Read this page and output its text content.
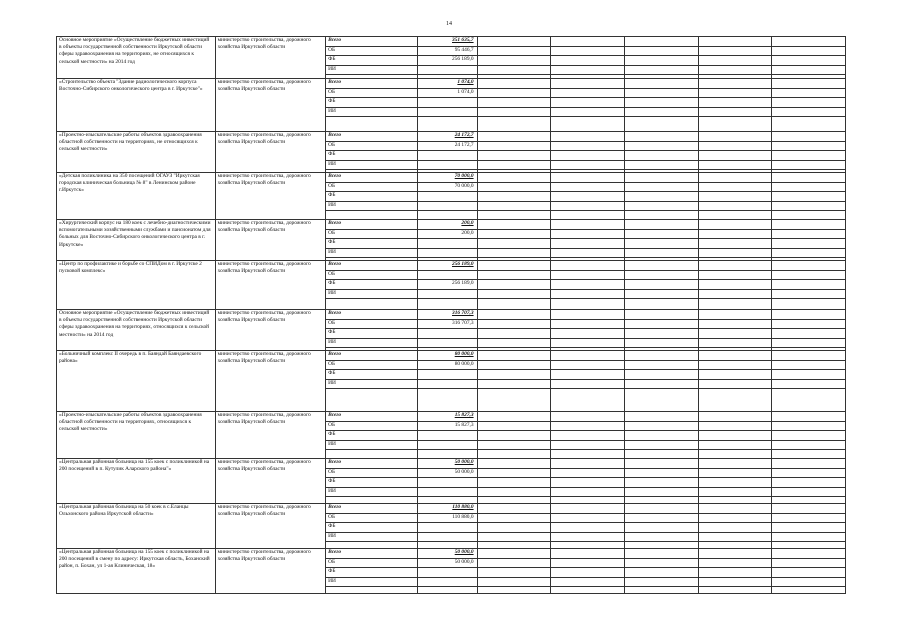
14
Основное мероприятие «Осуществление бюджетных инвестиций в объекты государственной собственности Иркутской области сферы здравоохранения на территориях, не относящихся к сельской местности» на 2014 год	министерство строительства, дорожного хозяйства Иркутской области	Всего	351 635,7					
		ОБ	95 446,7					
		ФБ	256 189,0					
		ИИ						

«Строительство объекта "Здание радиологического корпуса Восточно-Сибирского онкологического центра в г. Иркутске"»	министерство строительства, дорожного хозяйства Иркутской области	Всего	1 074,0					
		ОБ	1 074,0					
		ФБ						
		ИИ						

«Проектно-изыскательские работы объектов здравоохранения областной собственности на территориях, не относящихся к сельской местности»	министерство строительства, дорожного хозяйства Иркутской области	Всего	24 172,7					
		ОБ	24 172,7					
		ФБ						
		ИИ						

«Детская поликлиника на 350 посещений ОГАУЗ "Иркутская городская клиническая больница № 8" в Ленинском районе г.Иркутск»	министерство строительства, дорожного хозяйства Иркутской области	Всего	70 000,0					
		ОБ	70 000,0					
		ФБ						
		ИИ						

«Хирургический корпус на 180 коек с лечебно-диагностическими вспомогательными хозяйственными службами и пансионатом для больных для Восточно-Сибирского онкологического центра в г. Иркутске»	министерство строительства, дорожного хозяйства Иркутской области	Всего	200,0					
		ОБ	200,0					
		ФБ						
		ИИ						

«Центр по профилактике и борьбе со СПИДом в г. Иркутске 2 пусковой комплекс»	министерство строительства, дорожного хозяйства Иркутской области	Всего	256 189,0					
		ОБ						
		ФБ	256 189,0					
		ИИ						

Основное мероприятие «Осуществление бюджетных инвестиций в объекты государственной собственности Иркутской области сферы здравоохранения на территориях, относящихся к сельской местности» на 2014 год	министерство строительства, дорожного хозяйства Иркутской области	Всего	316 707,3					
		ОБ	316 707,3					
		ФБ						
		ИИ						

«Больничный комплекс II очередь в п. Баяндай Баяндаевского района»	министерство строительства, дорожного хозяйства Иркутской области	Всего	80 000,0					
		ОБ	80 000,0					
		ФБ						
		ИИ						

«Проектно-изыскательские работы объектов здравоохранения областной собственности на территориях, относящихся к сельской местности»	министерство строительства, дорожного хозяйства Иркутской области	Всего	15 827,3					
		ОБ	15 827,3					
		ФБ						
		ИИ						

«Центральная районная больница на 155 коек с поликлиникой на 200 посещений в п. Кутулик Аларского района"»	министерство строительства, дорожного хозяйства Иркутской области	Всего	50 000,0					
		ОБ	50 000,0					
		ФБ						
		ИИ						

«Центральная районная больница на 50 коек в с.Еланцы Ольхонского района Иркутской области»	министерство строительства, дорожного хозяйства Иркутской области	Всего	110 880,0					
		ОБ	110 880,0					
		ФБ						
		ИИ						

«Центральная районная больница на 155 коек с поликлиникой на 200 посещений в смену по адресу: Иркутская область, Боханский район, п. Бохан, ул 1-ая Клиническая, 18»	министерство строительства, дорожного хозяйства Иркутской области	Всего	50 000,0					
		ОБ	50 000,0					
		ФБ						
		ИИ						
